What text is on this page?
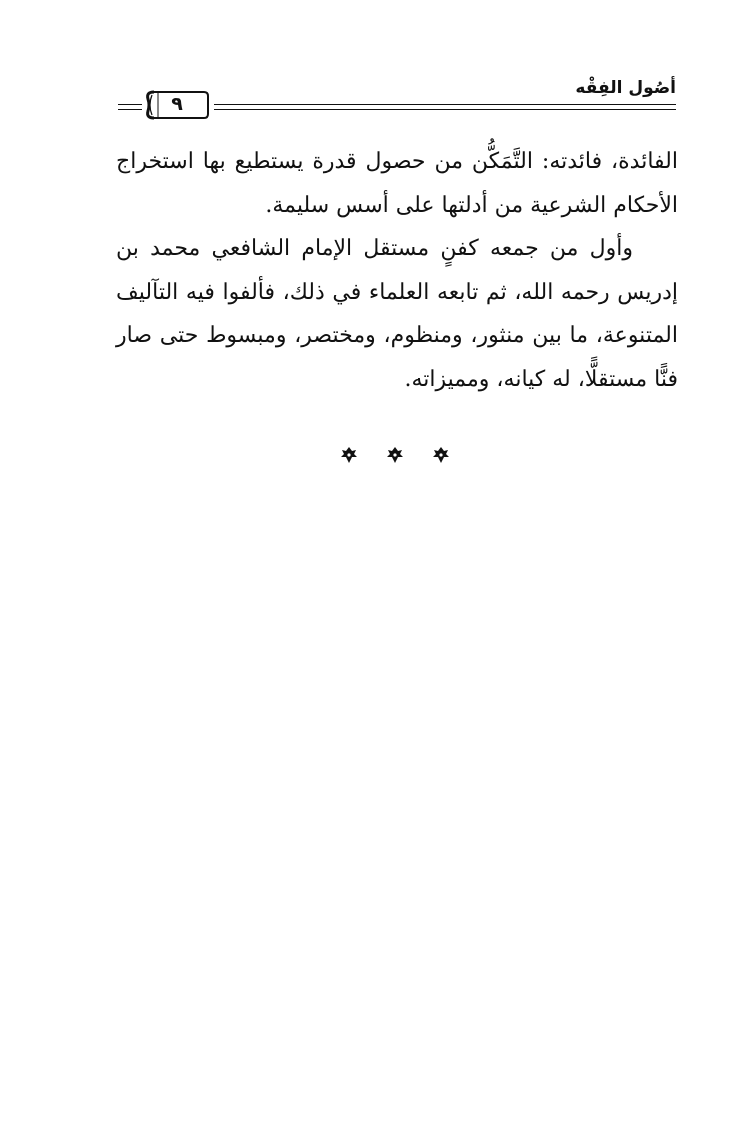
أصُول الفِقْه
٩

الفائدة، فائدته: التَّمَكُّن من حصول قدرة يستطيع بها استخراج الأحكام الشرعية من أدلتها على أسس سليمة.

وأول من جمعه كفنٍ مستقل الإمام الشافعي محمد بن إدريس رحمه الله، ثم تابعه العلماء في ذلك، فألفوا فيه التآليف المتنوعة، ما بين منثور، ومنظوم، ومختصر، ومبسوط حتى صار فنًّا مستقلًّا، له كيانه، ومميزاته.
